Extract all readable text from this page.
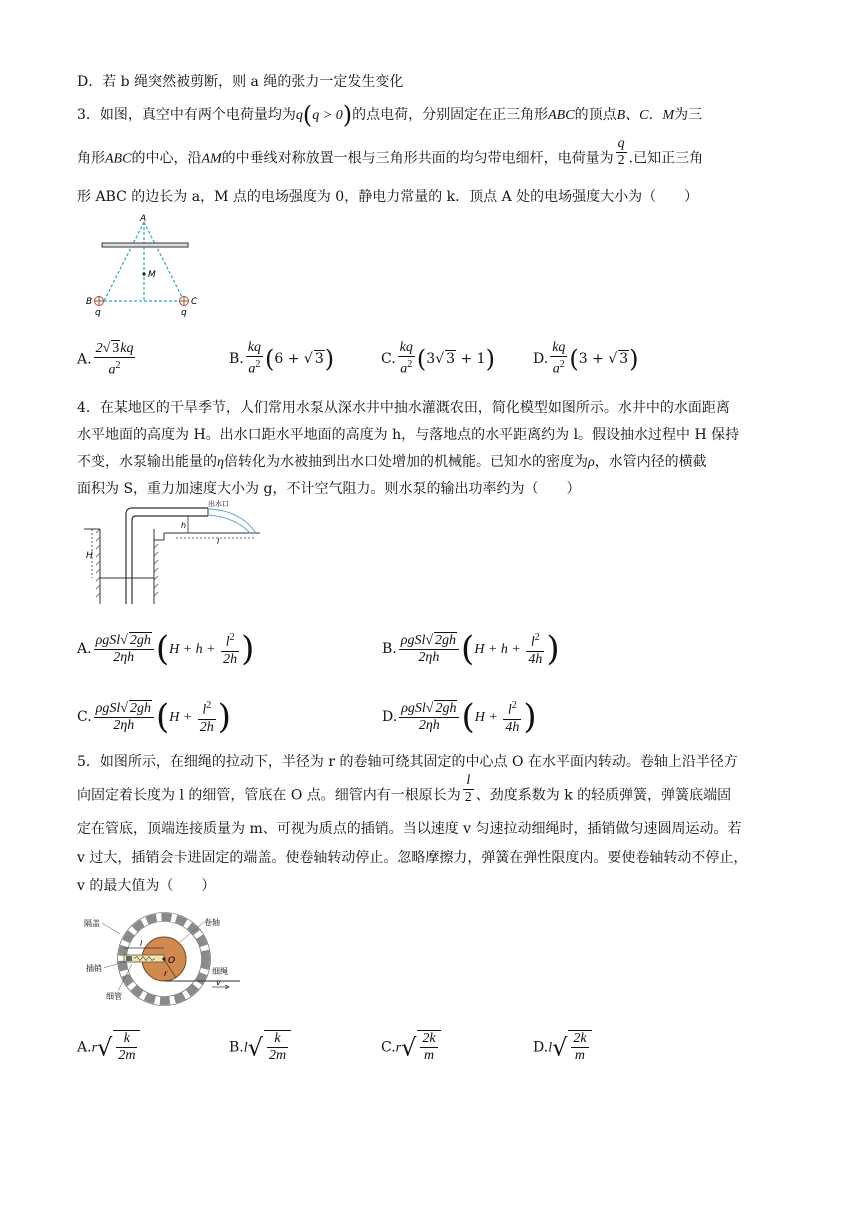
D．若 b 绳突然被剪断，则 a 绳的张力一定发生变化
3．如图，真空中有两个电荷量均为q(q > 0)的点电荷，分别固定在正三角形ABC的顶点B、C．M为三
角形ABC的中心，沿AM的中垂线对称放置一根与三角形共面的均匀带电细杆，电荷量为 $\frac{q}{2}$ .已知正三角
形 ABC 的边长为 a，M 点的电场强度为 0，静电力常量的 k．顶点 A 处的电场强度大小为（　　）
A
M
B	C
q	q
A. $\frac{2√ 3kq}{a^2}$	B. $\frac{kq}{a^2} (6$ + √ 3)	C. $\frac{kq}{a^2} (3√$ 3 + 1)	D. $\frac{kq}{a^2} (3$ + √ 3)
4．在某地区的干旱季节，人们常用水泵从深水井中抽水灌溉农田，简化模型如图所示。水井中的水面距离
水平地面的高度为 H。出水口距水平地面的高度为 h，与落地点的水平距离约为 l。假设抽水过程中 H 保持
不变，水泵输出能量的η倍转化为水被抽到出水口处增加的机械能。已知水的密度为ρ，水管内径的横截
面积为 S，重力加速度大小为 g，不计空气阻力。则水泵的输出功率约为（　　）
H
h
l
出水口
A. $\frac{\text{ρgSl√ 2gh}}{2\eta h} (H + h + \frac{l^2}{2h}$ )	B. $\frac{\text{ρgSl√ 2gh}}{2\eta h} (H + h + \frac{l^2}{4h}$ )
C. $\frac{\text{ρgSl√ 2gh}}{2\eta h} (H + \frac{l^2}{2h}$ )	D. $\frac{\text{ρgSl√ 2gh}}{2\eta h} (H + \frac{l^2}{4h}$ )
5．如图所示，在细绳的拉动下，半径为 r 的卷轴可绕其固定的中心点 O 在水平面内转动。卷轴上沿半径方
向固定着长度为 l 的细管，管底在 O 点。细管内有一根原长为 $\frac{l}{2}$ 、劲度系数为 k 的轻质弹簧，弹簧底端固
定在管底，顶端连接质量为 m、可视为质点的插销。当以速度 v 匀速拉动细绳时，插销做匀速圆周运动。若
v 过大，插销会卡进固定的端盖。使卷轴转动停止。忽略摩擦力，弹簧在弹性限度内。要使卷轴转动不停止，
v 的最大值为（　　）
O
r
l
v
隔盖	卷轴
插销
细管
细绳
$A.r√ \frac{k}{2m}$	$B.l√ \frac{k}{2m}$	$C.r√ \frac{2k}{m}$	$D.l√ \frac{2k}{m}$
